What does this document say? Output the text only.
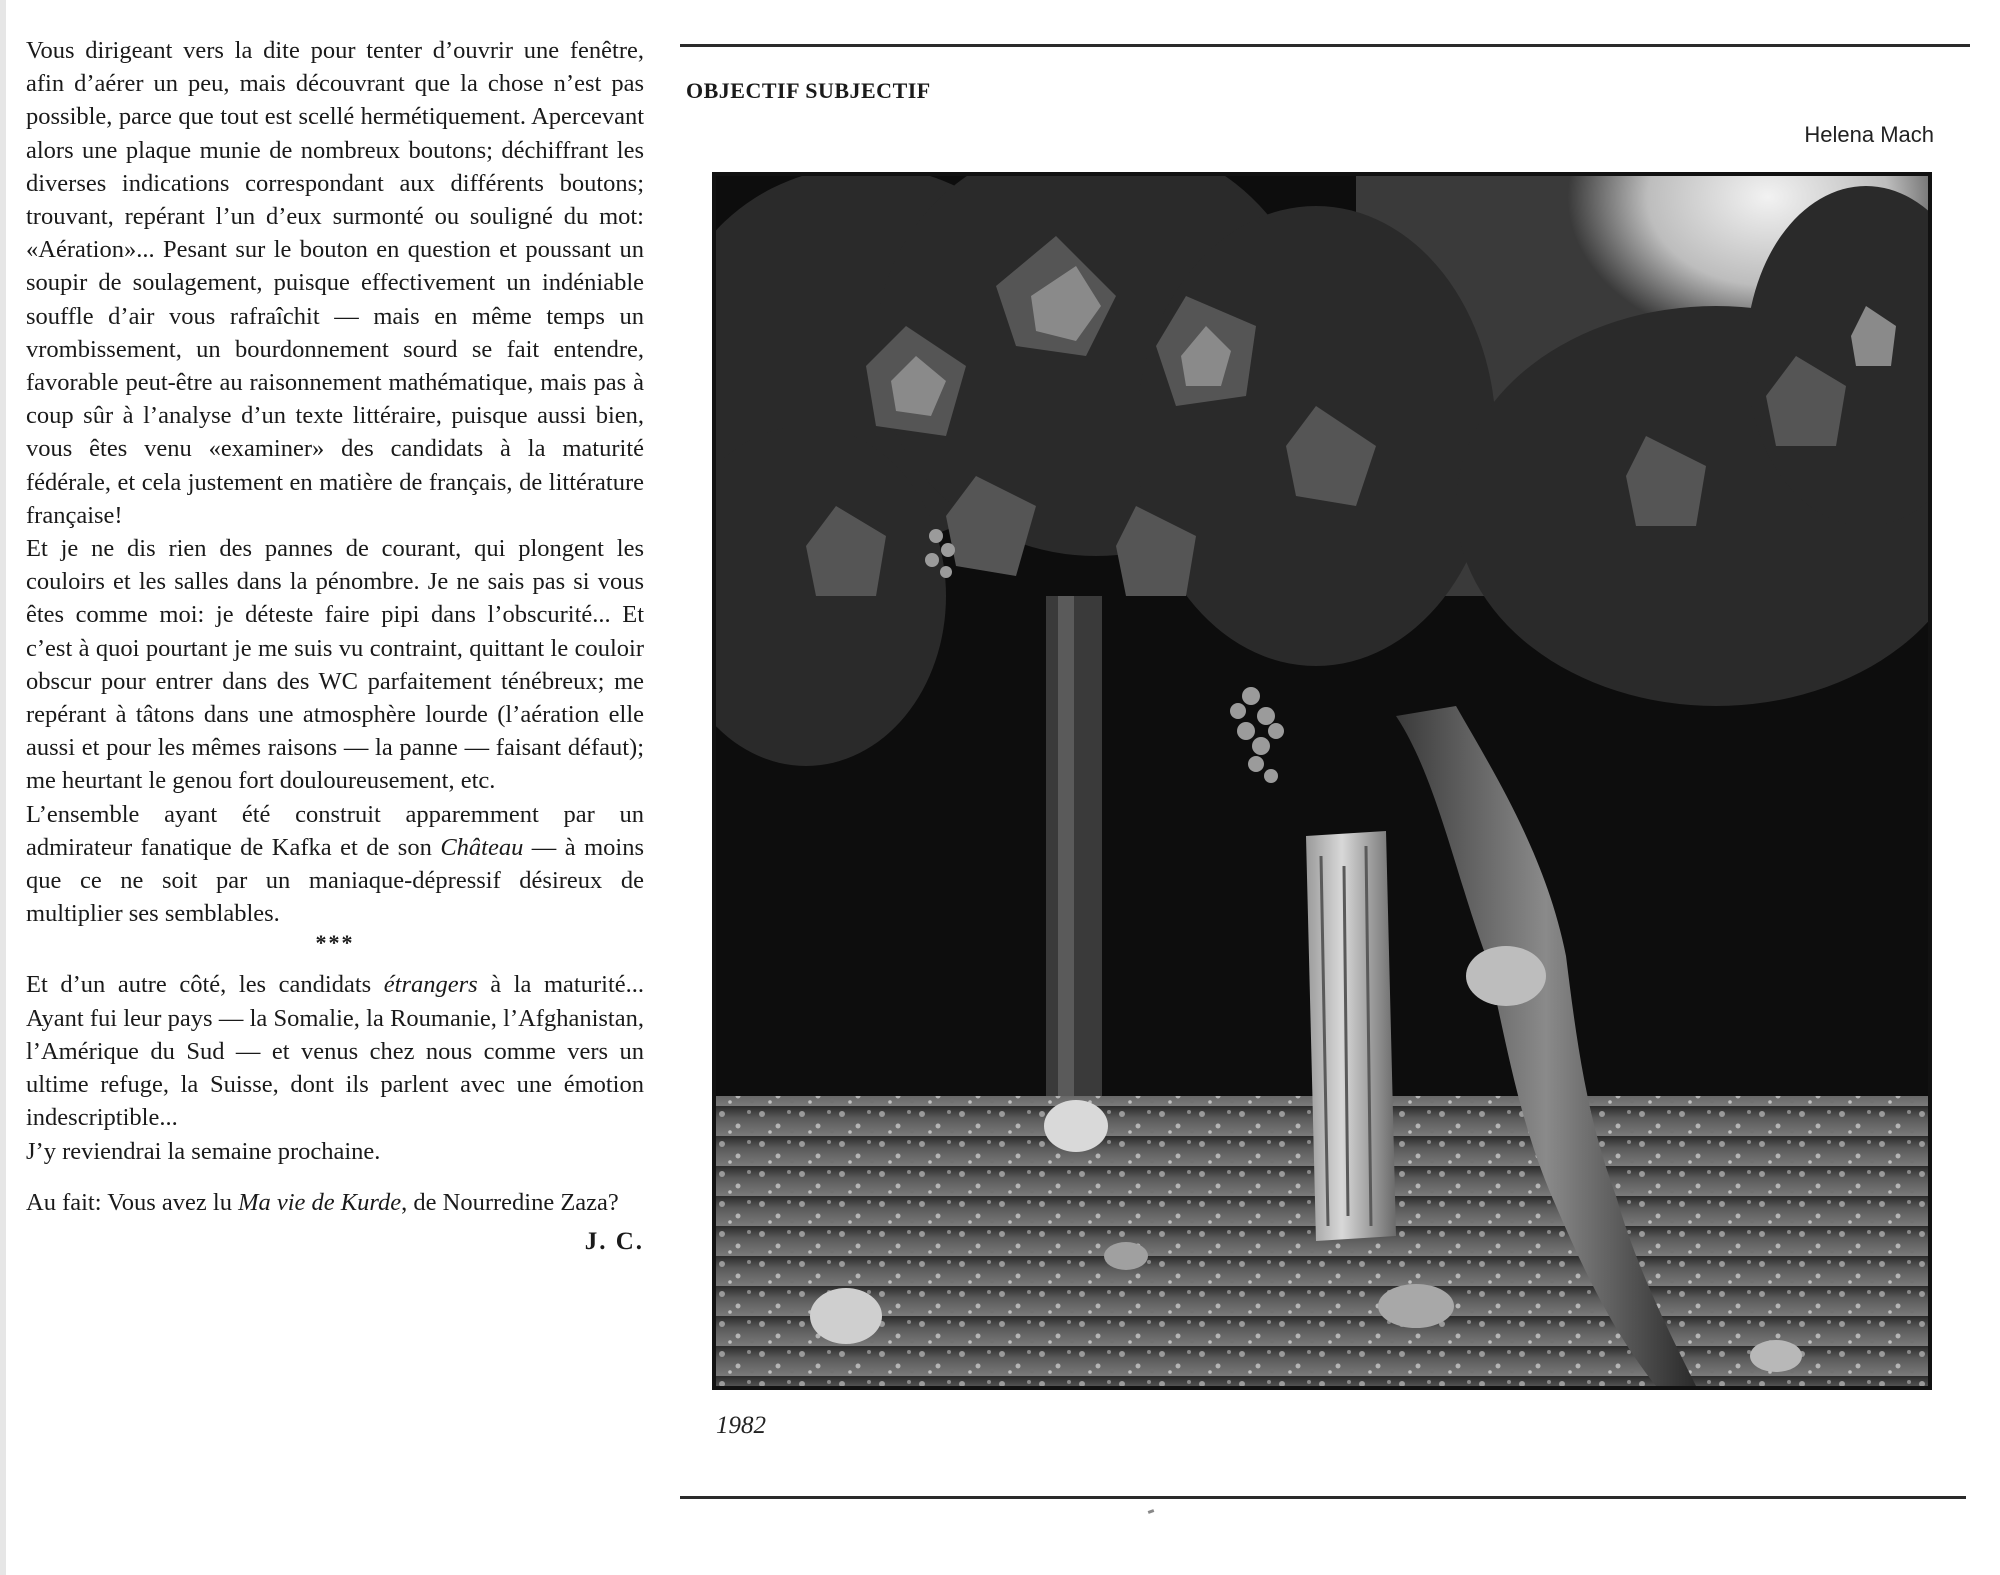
Vous dirigeant vers la dite pour tenter d’ouvrir une fenêtre, afin d’aérer un peu, mais découvrant que la chose n’est pas possible, parce que tout est scellé hermétiquement. Apercevant alors une plaque munie de nombreux boutons; déchiffrant les diverses indications correspondant aux différents boutons; trouvant, repérant l’un d’eux surmonté ou souligné du mot: «Aération»... Pesant sur le bouton en question et poussant un soupir de soulagement, puisque effectivement un indéniable souffle d’air vous rafraîchit — mais en même temps un vrombissement, un bourdonnement sourd se fait entendre, favorable peut-être au raisonnement mathématique, mais pas à coup sûr à l’analyse d’un texte littéraire, puisque aussi bien, vous êtes venu «examiner» des candidats à la maturité fédérale, et cela justement en matière de français, de littérature française!

Et je ne dis rien des pannes de courant, qui plongent les couloirs et les salles dans la pénombre. Je ne sais pas si vous êtes comme moi: je déteste faire pipi dans l’obscurité... Et c’est à quoi pourtant je me suis vu contraint, quittant le couloir obscur pour entrer dans des WC parfaitement ténébreux; me repérant à tâtons dans une atmosphère lourde (l’aération elle aussi et pour les mêmes raisons — la panne — faisant défaut); me heurtant le genou fort douloureusement, etc.

L’ensemble ayant été construit apparemment par un admirateur fanatique de Kafka et de son Château — à moins que ce ne soit par un maniaque-dépressif désireux de multiplier ses semblables.

***

Et d’un autre côté, les candidats étrangers à la maturité... Ayant fui leur pays — la Somalie, la Roumanie, l’Afghanistan, l’Amérique du Sud — et venus chez nous comme vers un ultime refuge, la Suisse, dont ils parlent avec une émotion indescriptible...

J’y reviendrai la semaine prochaine.

Au fait: Vous avez lu Ma vie de Kurde, de Nourredine Zaza?

J. C.
OBJECTIF SUBJECTIF
Helena Mach
1982
